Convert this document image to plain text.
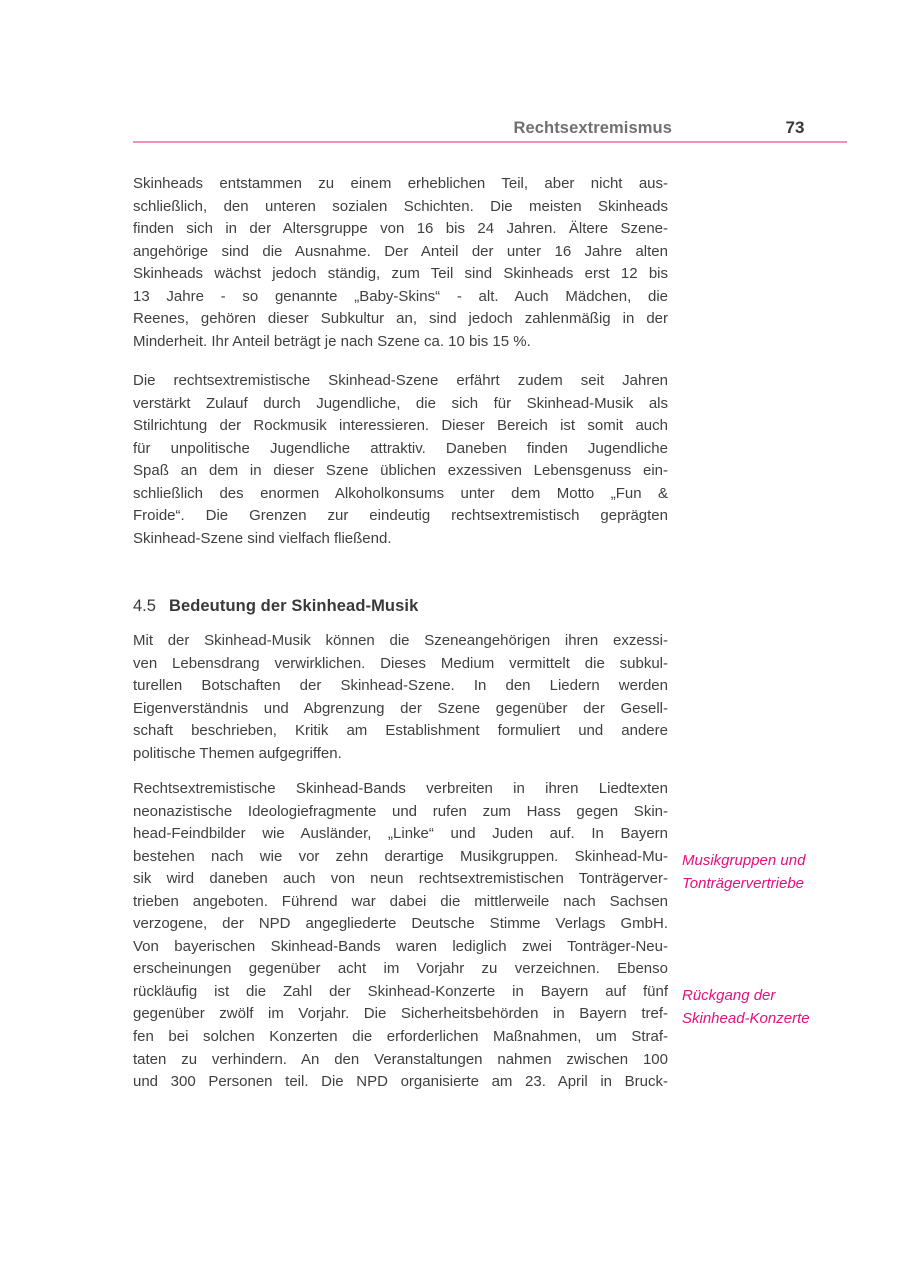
Rechtsextremismus	73
Skinheads entstammen zu einem erheblichen Teil, aber nicht aus-
schließlich, den unteren sozialen Schichten. Die meisten Skinheads
finden sich in der Altersgruppe von 16 bis 24 Jahren. Ältere Szene-
angehörige sind die Ausnahme. Der Anteil der unter 16 Jahre alten
Skinheads wächst jedoch ständig, zum Teil sind Skinheads erst 12 bis
13 Jahre - so genannte „Baby-Skins“ - alt. Auch Mädchen, die
Reenes, gehören dieser Subkultur an, sind jedoch zahlenmäßig in der
Minderheit. Ihr Anteil beträgt je nach Szene ca. 10 bis 15 %.
Die rechtsextremistische Skinhead-Szene erfährt zudem seit Jahren
verstärkt Zulauf durch Jugendliche, die sich für Skinhead-Musik als
Stilrichtung der Rockmusik interessieren. Dieser Bereich ist somit auch
für unpolitische Jugendliche attraktiv. Daneben finden Jugendliche
Spaß an dem in dieser Szene üblichen exzessiven Lebensgenuss ein-
schließlich des enormen Alkoholkonsums unter dem Motto „Fun &
Froide“. Die Grenzen zur eindeutig rechtsextremistisch geprägten
Skinhead-Szene sind vielfach fließend.
4.5 Bedeutung der Skinhead-Musik
Mit der Skinhead-Musik können die Szeneangehörigen ihren exzessi-
ven Lebensdrang verwirklichen. Dieses Medium vermittelt die subkul-
turellen Botschaften der Skinhead-Szene. In den Liedern werden
Eigenverständnis und Abgrenzung der Szene gegenüber der Gesell-
schaft beschrieben, Kritik am Establishment formuliert und andere
politische Themen aufgegriffen.
Rechtsextremistische Skinhead-Bands verbreiten in ihren Liedtexten
neonazistische Ideologiefragmente und rufen zum Hass gegen Skin-
head-Feindbilder wie Ausländer, „Linke“ und Juden auf. In Bayern
bestehen nach wie vor zehn derartige Musikgruppen. Skinhead-Mu-
sik wird daneben auch von neun rechtsextremistischen Tonträgerver-
trieben angeboten. Führend war dabei die mittlerweile nach Sachsen
verzogene, der NPD angegliederte Deutsche Stimme Verlags GmbH.
Von bayerischen Skinhead-Bands waren lediglich zwei Tonträger-Neu-
erscheinungen gegenüber acht im Vorjahr zu verzeichnen. Ebenso
rückläufig ist die Zahl der Skinhead-Konzerte in Bayern auf fünf
gegenüber zwölf im Vorjahr. Die Sicherheitsbehörden in Bayern tref-
fen bei solchen Konzerten die erforderlichen Maßnahmen, um Straf-
taten zu verhindern. An den Veranstaltungen nahmen zwischen 100
und 300 Personen teil. Die NPD organisierte am 23. April in Bruck-
Musikgruppen und
Tonträgervertriebe
Rückgang der
Skinhead-Konzerte
